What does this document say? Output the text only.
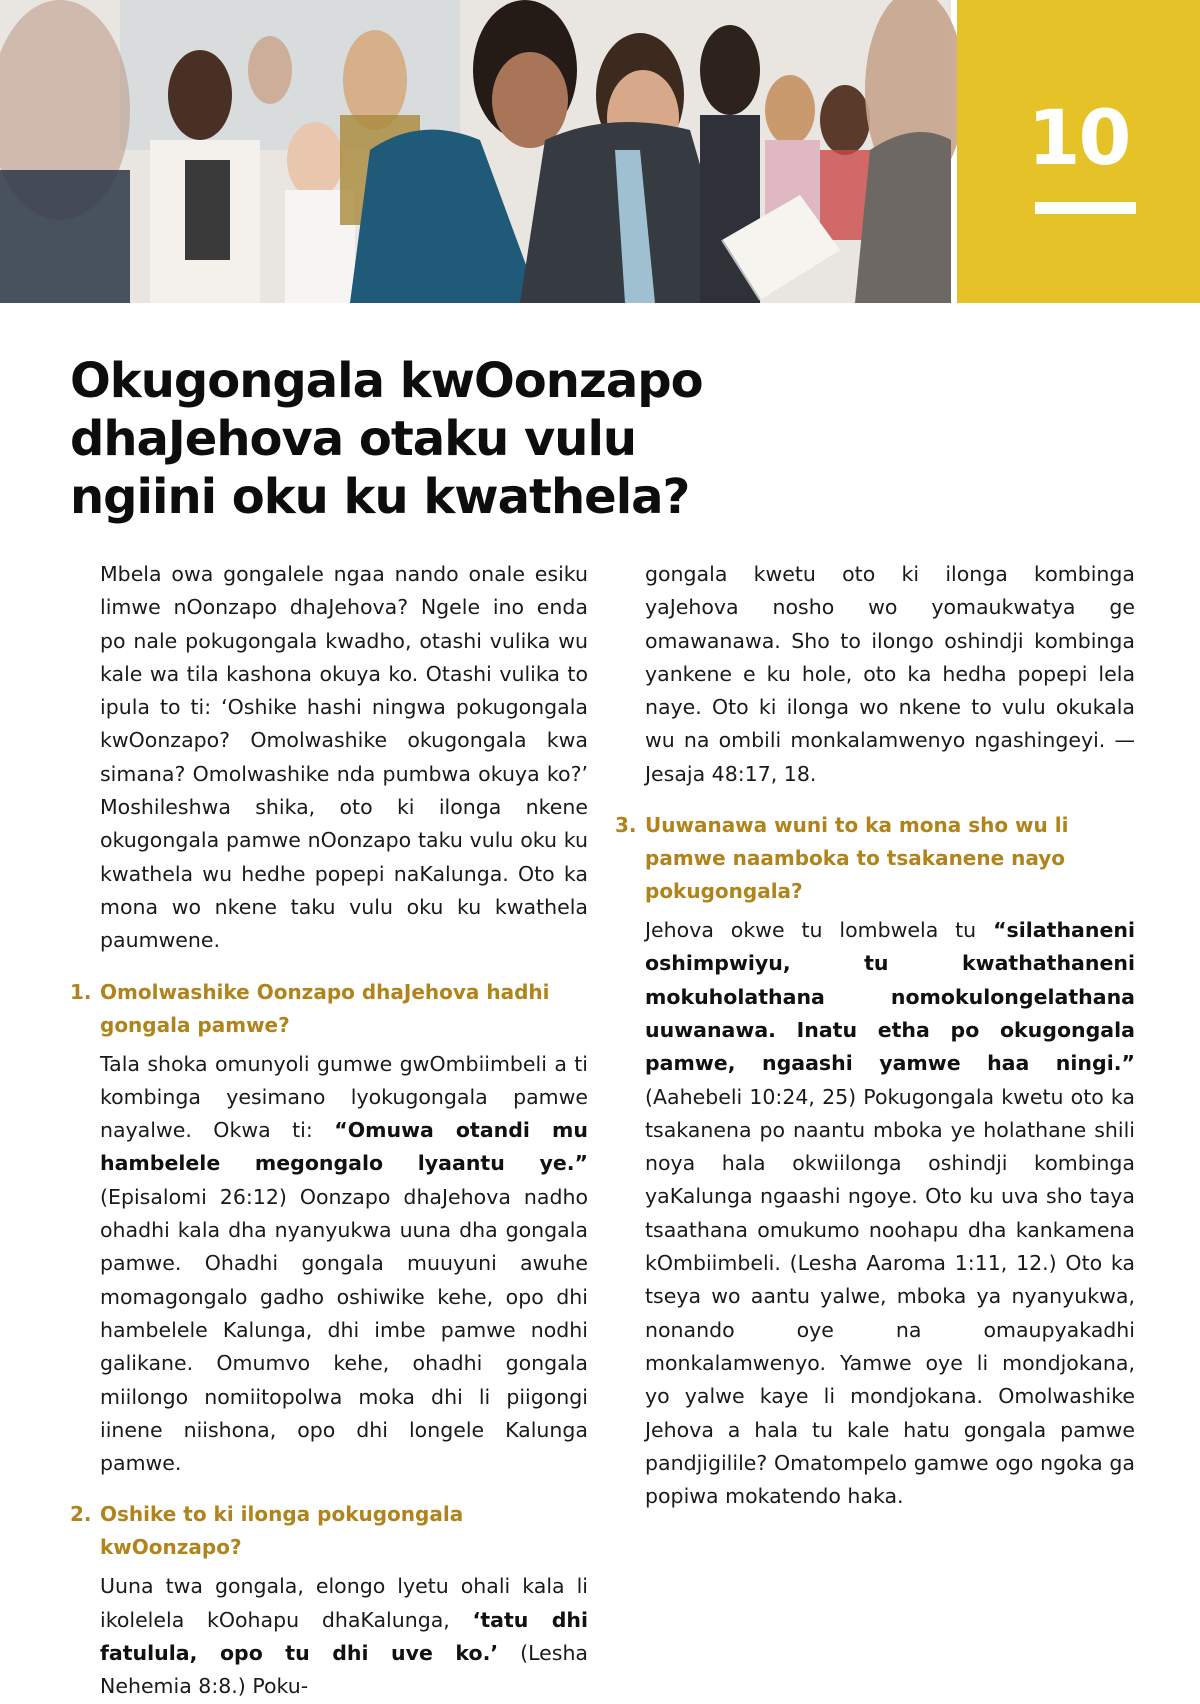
10
Okugongala kwOonzapo dhaJehova otaku vulu ngiini oku ku kwathela?

Mbela owa gongalele ngaa nando onale esiku limwe nOonzapo dhaJehova? Ngele ino enda po nale pokugongala kwadho, otashi vulika wu kale wa tila kashona okuya ko. Otashi vulika to ipula to ti: ‘Oshike hashi ningwa pokugongala kwOonzapo? Omolwashike okugongala kwa simana? Omolwashike nda pumbwa okuya ko?’ Moshileshwa shika, oto ki ilonga nkene okugongala pamwe nOonzapo taku vulu oku ku kwathela wu hedhe popepi naKalunga. Oto ka mona wo nkene taku vulu oku ku kwathela paumwene.

1. Omolwashike Oonzapo dhaJehova hadhi gongala pamwe?

Tala shoka omunyoli gumwe gwOmbiimbeli a ti kombinga yesimano lyokugongala pamwe nayalwe. Okwa ti: “Omuwa otandi mu hambelele megongalo lyaantu ye.” (Episalomi 26:12) Oonzapo dhaJehova nadho ohadhi kala dha nyanyukwa uuna dha gongala pamwe. Ohadhi gongala muuyuni awuhe momagongalo gadho oshiwike kehe, opo dhi hambelele Kalunga, dhi imbe pamwe nodhi galikane. Omumvo kehe, ohadhi gongala miilongo nomiitopolwa moka dhi li piigongi iinene niishona, opo dhi longele Kalunga pamwe.

2. Oshike to ki ilonga pokugongala kwOonzapo?

Uuna twa gongala, elongo lyetu ohali kala li ikolelela kOohapu dhaKalunga, ‘tatu dhi fatulula, opo tu dhi uve ko.’ (Lesha Nehemia 8:8.) Poku-

gongala kwetu oto ki ilonga kombinga yaJehova nosho wo yomaukwatya ge omawanawa. Sho to ilongo oshindji kombinga yankene e ku hole, oto ka hedha popepi lela naye. Oto ki ilonga wo nkene to vulu okukala wu na ombili monkalamwenyo ngashingeyi. — Jesaja 48:17, 18.

3. Uuwanawa wuni to ka mona sho wu li pamwe naamboka to tsakanene nayo pokugongala?

Jehova okwe tu lombwela tu “silathaneni oshimpwiyu, tu kwathathaneni mokuholathana nomokulongelathana uuwanawa. Inatu etha po okugongala pamwe, ngaashi yamwe haa ningi.” (Aahebeli 10:24, 25) Pokugongala kwetu oto ka tsakanena po naantu mboka ye holathane shili noya hala okwiilonga oshindji kombinga yaKalunga ngaashi ngoye. Oto ku uva sho taya tsaathana omukumo noohapu dha kankamena kOmbiimbeli. (Lesha Aaroma 1:11, 12.) Oto ka tseya wo aantu yalwe, mboka ya nyanyukwa, nonando oye na omaupyakadhi monkalamwenyo. Yamwe oye li mondjokana, yo yalwe kaye li mondjokana. Omolwashike Jehova a hala tu kale hatu gongala pamwe pandjigilile? Omatompelo gamwe ogo ngoka ga popiwa mokatendo haka.
